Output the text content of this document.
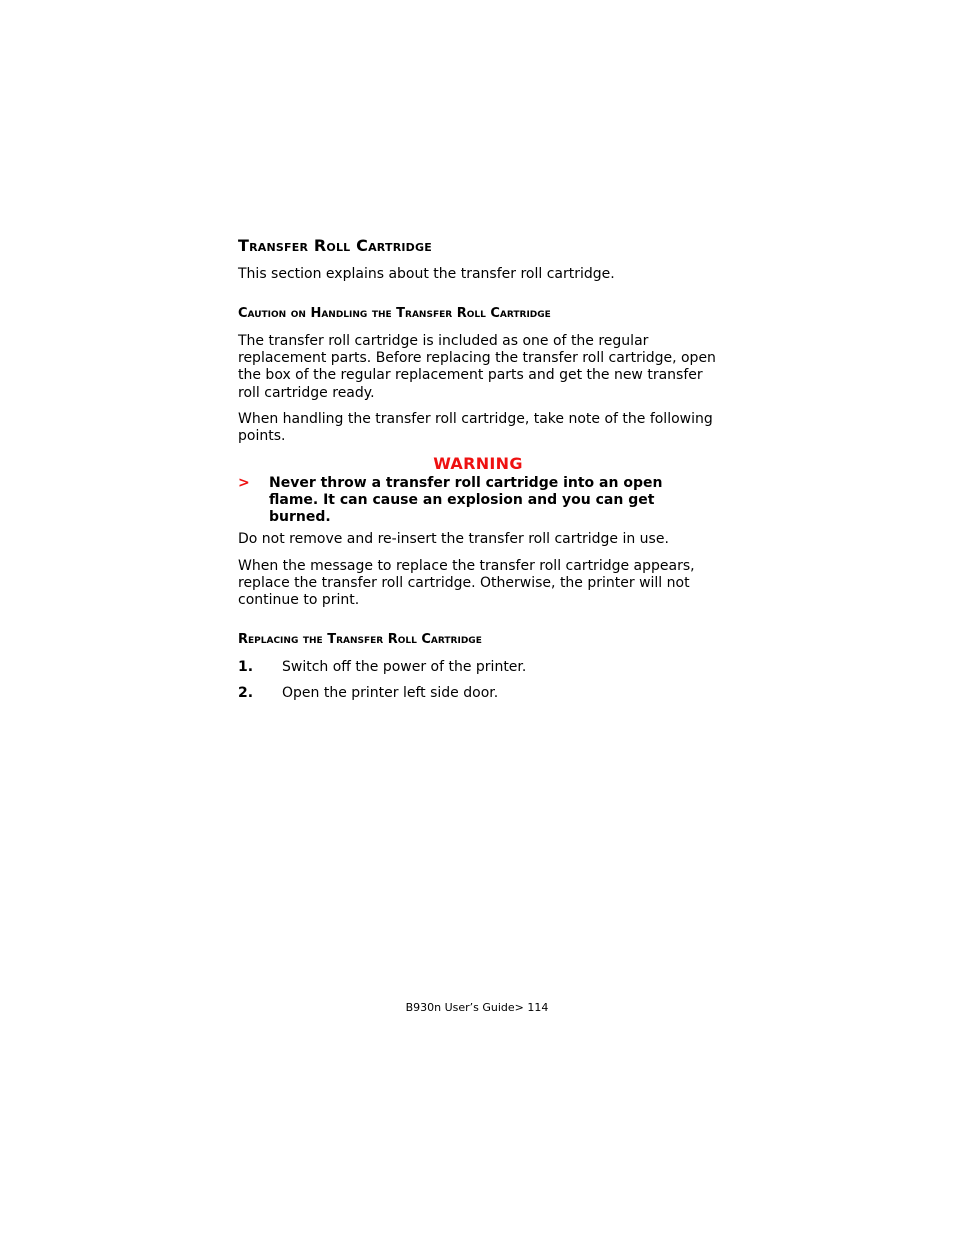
Transfer Roll Cartridge
This section explains about the transfer roll cartridge.
Caution on Handling the Transfer Roll Cartridge
The transfer roll cartridge is included as one of the regular replacement parts. Before replacing the transfer roll cartridge, open the box of the regular replacement parts and get the new transfer roll cartridge ready.
When handling the transfer roll cartridge, take note of the following points.
WARNING
> Never throw a transfer roll cartridge into an open flame. It can cause an explosion and you can get burned.
Do not remove and re-insert the transfer roll cartridge in use.
When the message to replace the transfer roll cartridge appears, replace the transfer roll cartridge. Otherwise, the printer will not continue to print.
Replacing the Transfer Roll Cartridge
1. Switch off the power of the printer.
2. Open the printer left side door.
B930n User’s Guide> 114
